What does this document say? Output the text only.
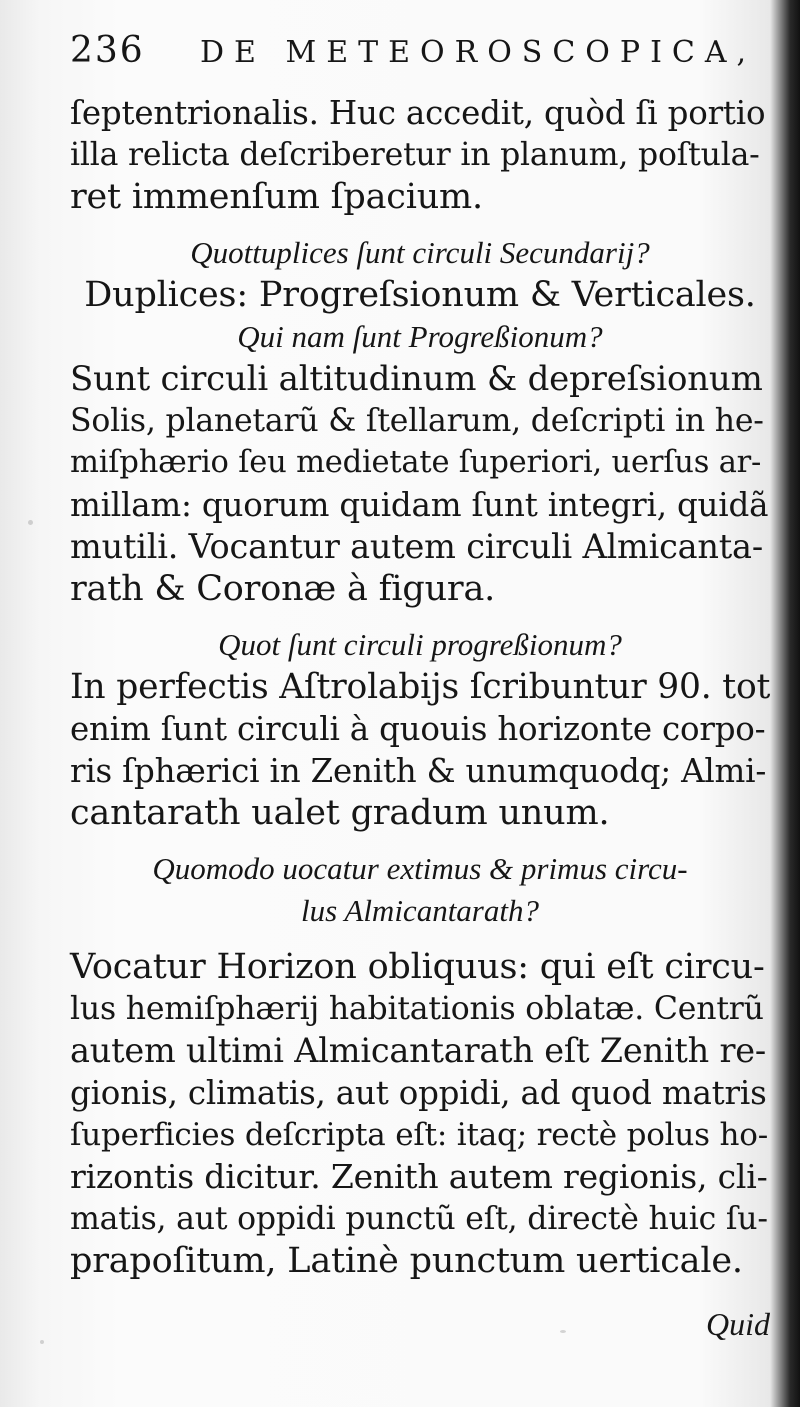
236	DE METEOROSCOPICA,
ſeptentrionalis. Huc accedit, quòd ſi portio
illa relicta deſcriberetur in planum, poſtula-
ret immenſum ſpacium.
Quottuplices ſunt circuli Secundarij?
Duplices: Progreſsionum & Verticales.
Qui nam ſunt Progreßionum?
Sunt circuli altitudinum & depreſsionum
Solis, planetarũ & ſtellarum, deſcripti in he-
miſphærio ſeu medietate ſuperiori, uerſus ar-
millam: quorum quidam ſunt integri, quidã
mutili. Vocantur autem circuli Almicanta-
rath & Coronæ à figura.
Quot ſunt circuli progreßionum?
In perfectis Aſtrolabijs ſcribuntur 90. tot
enim ſunt circuli à quouis horizonte corpo-
ris ſphærici in Zenith & unumquodq; Almi-
cantarath ualet gradum unum.
Quomodo uocatur extimus & primus circu-
lus Almicantarath?
Vocatur Horizon obliquus: qui eſt circu-
lus hemiſphærij habitationis oblatæ. Centrũ
autem ultimi Almicantarath eſt Zenith re-
gionis, climatis, aut oppidi, ad quod matris
ſuperficies deſcripta eſt: itaq; rectè polus ho-
rizontis dicitur. Zenith autem regionis, cli-
matis, aut oppidi punctũ eſt, directè huic ſu-
prapoſitum, Latinè punctum uerticale.
Quid
